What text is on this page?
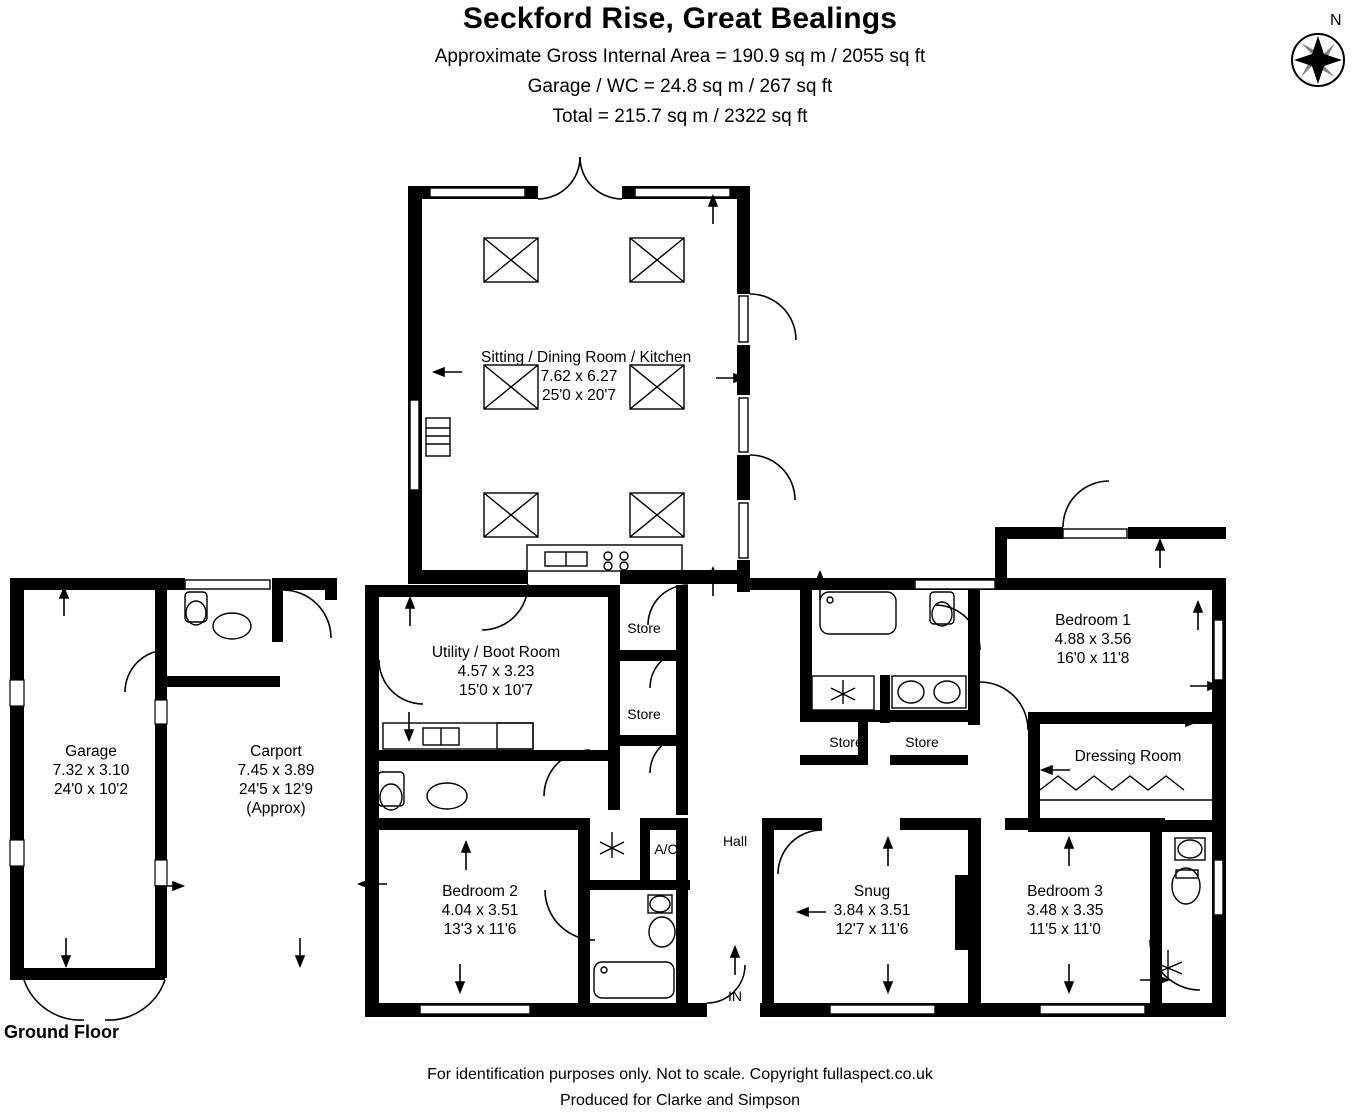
Seckford Rise, Great Bealings
Approximate Gross Internal Area = 190.9 sq m / 2055 sq ft
Garage / WC = 24.8 sq m / 267 sq ft
Total = 215.7 sq m / 2322 sq ft
N
Ground Floor
For identification purposes only. Not to scale. Copyright fullaspect.co.uk
Produced for Clarke and Simpson
Sitting / Dining Room / Kitchen
7.62 x 6.27
25'0 x 20'7
Utility / Boot Room
4.57 x 3.23
15'0 x 10'7
Garage
7.32 x 3.10
24'0 x 10'2
Carport
7.45 x 3.89
24'5 x 12'9
(Approx)
Bedroom 1
4.88 x 3.56
16'0 x 11'8
Bedroom 2
4.04 x 3.51
13'3 x 11'6
Bedroom 3
3.48 x 3.35
11'5 x 11'0
Snug
3.84 x 3.51
12'7 x 11'6
Dressing Room
Store
Store
Store	Store
A/C	Hall
IN
